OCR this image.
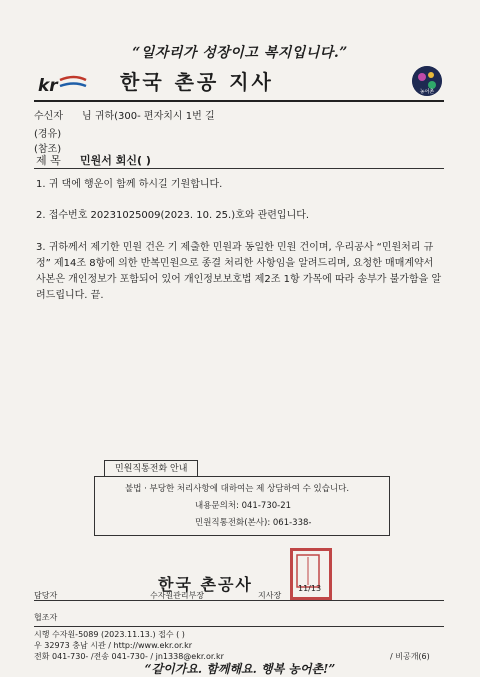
“일자리가 성장이고 복지입니다.”
kr	한국 촌공 지사	농어촌
수신자 님 귀하(300- 편자치시 1번 길
(경유)
(참조)
제 목 민원서 회신( )
1. 귀 댁에 행운이 함께 하시길 기원합니다.
2. 접수번호 20231025009(2023. 10. 25.)호와 관련입니다.
3. 귀하께서 제기한 민원 건은 기 제출한 민원과 동일한 민원 건이며, 우리공사 “민원처리 규정” 제14조 8항에 의한 반복민원으로 종결 처리한 사항임을 알려드리며, 요청한 매매계약서 사본은 개인정보가 포함되어 있어 개인정보보호법 제2조 1항 가목에 따라 송부가 불가함을 알려드립니다. 끝.
민원직통전화 안내
불법 · 부당한 처리사항에 대하여는 제 상담하여 수 있습니다.
내용문의처: 041-730-21
민원직통전화(본사): 061-338-
한국 촌공사
담당자	수자원관리부장	지사장
11/13
협조자
시행 수자원-5089 (2023.11.13.) 접수 ( )
우 32973 충남 시관 / http://www.ekr.or.kr
전화 041-730- /전송 041-730- / jn1338@ekr.or.kr	/ 비공개(6)
“같이가요. 함께해요. 행복 농어촌!”
